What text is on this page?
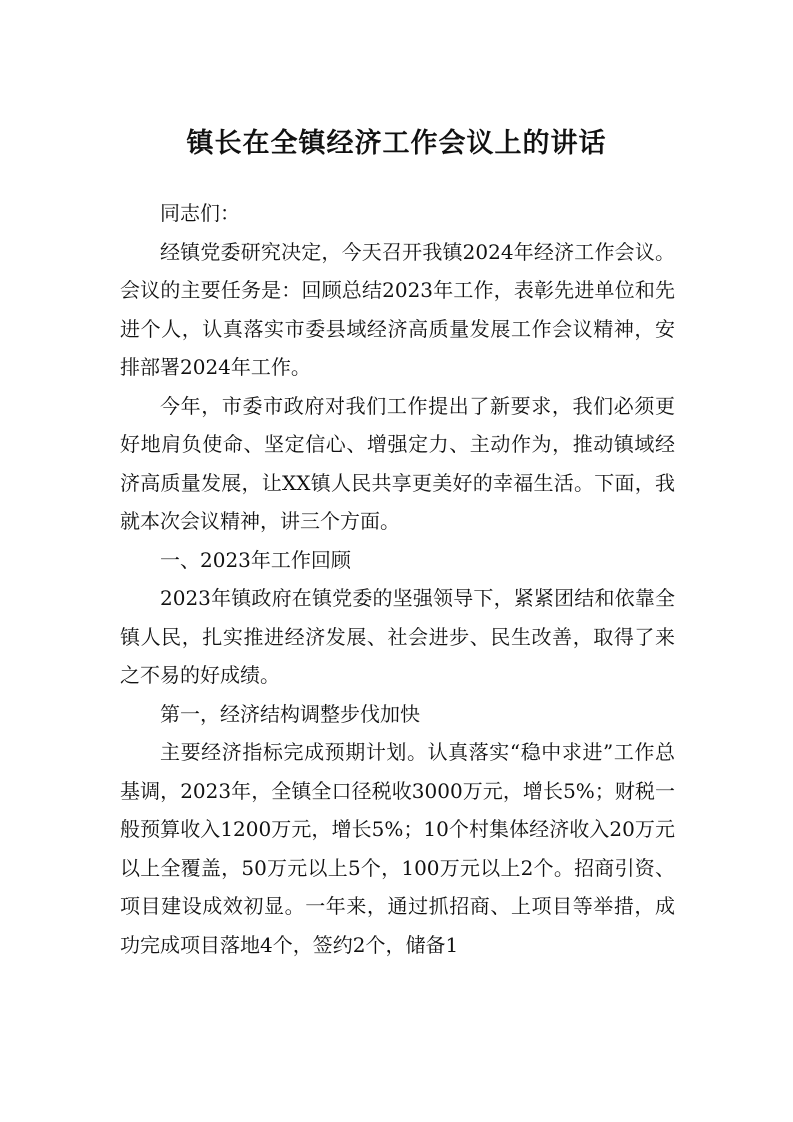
镇长在全镇经济工作会议上的讲话

同志们：

经镇党委研究决定，今天召开我镇2024年经济工作会议。会议的主要任务是：回顾总结2023年工作，表彰先进单位和先进个人，认真落实市委县域经济高质量发展工作会议精神，安排部署2024年工作。

今年，市委市政府对我们工作提出了新要求，我们必须更好地肩负使命、坚定信心、增强定力、主动作为，推动镇域经济高质量发展，让XX镇人民共享更美好的幸福生活。下面，我就本次会议精神，讲三个方面。

一、2023年工作回顾

2023年镇政府在镇党委的坚强领导下，紧紧团结和依靠全镇人民，扎实推进经济发展、社会进步、民生改善，取得了来之不易的好成绩。

第一，经济结构调整步伐加快

主要经济指标完成预期计划。认真落实“稳中求进”工作总基调，2023年，全镇全口径税收3000万元，增长5%；财税一般预算收入1200万元，增长5%；10个村集体经济收入20万元以上全覆盖，50万元以上5个，100万元以上2个。招商引资、项目建设成效初显。一年来，通过抓招商、上项目等举措，成功完成项目落地4个，签约2个，储备1
